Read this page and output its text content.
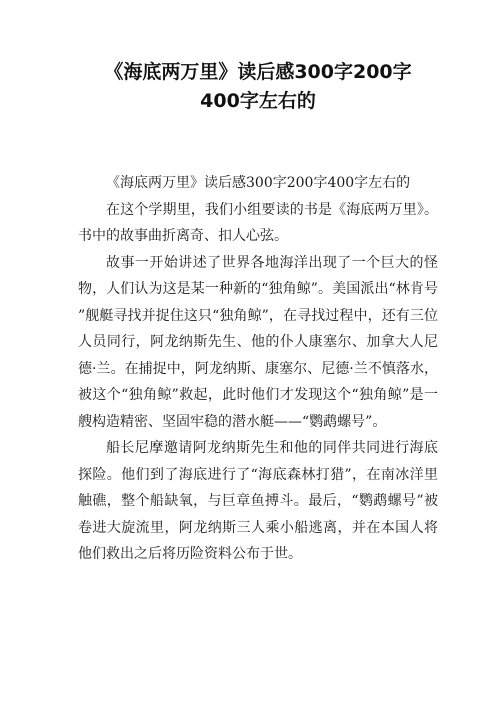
《海底两万里》读后感300字200字
400字左右的

《海底两万里》读后感300字200字400字左右的

在这个学期里，我们小组要读的书是《海底两万里》。书中的故事曲折离奇、扣人心弦。

故事一开始讲述了世界各地海洋出现了一个巨大的怪物，人们认为这是某一种新的“独角鲸”。美国派出“林肯号”舰艇寻找并捉住这只“独角鲸”，在寻找过程中，还有三位人员同行，阿龙纳斯先生、他的仆人康塞尔、加拿大人尼德·兰。在捕捉中，阿龙纳斯、康塞尔、尼德·兰不慎落水，被这个“独角鲸”救起，此时他们才发现这个“独角鲸”是一艘构造精密、坚固牢稳的潜水艇——“鹦鹉螺号”。

船长尼摩邀请阿龙纳斯先生和他的同伴共同进行海底探险。他们到了海底进行了“海底森林打猎”，在南冰洋里触礁，整个船缺氧，与巨章鱼搏斗。最后，“鹦鹉螺号”被卷进大旋流里，阿龙纳斯三人乘小船逃离，并在本国人将他们救出之后将历险资料公布于世。
